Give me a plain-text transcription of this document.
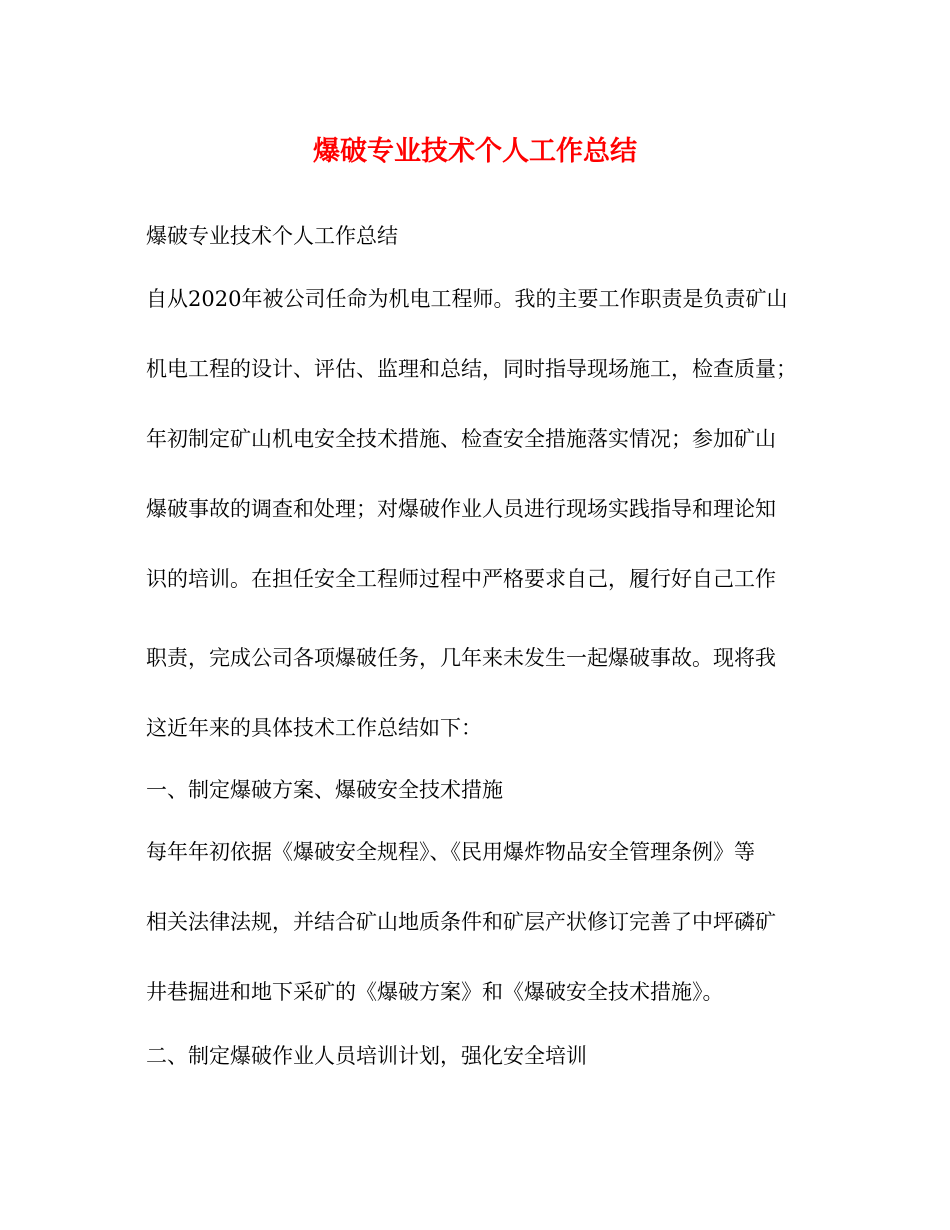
爆破专业技术个人工作总结
爆破专业技术个人工作总结
自从2020年被公司任命为机电工程师。我的主要工作职责是负责矿山
机电工程的设计、评估、监理和总结，同时指导现场施工，检查质量；
年初制定矿山机电安全技术措施、检查安全措施落实情况；参加矿山
爆破事故的调查和处理；对爆破作业人员进行现场实践指导和理论知
识的培训。在担任安全工程师过程中严格要求自己，履行好自己工作
职责，完成公司各项爆破任务，几年来未发生一起爆破事故。现将我
这近年来的具体技术工作总结如下：
一、制定爆破方案、爆破安全技术措施
每年年初依据《爆破安全规程》、《民用爆炸物品安全管理条例》等
相关法律法规，并结合矿山地质条件和矿层产状修订完善了中坪磷矿
井巷掘进和地下采矿的《爆破方案》和《爆破安全技术措施》。
二、制定爆破作业人员培训计划，强化安全培训
